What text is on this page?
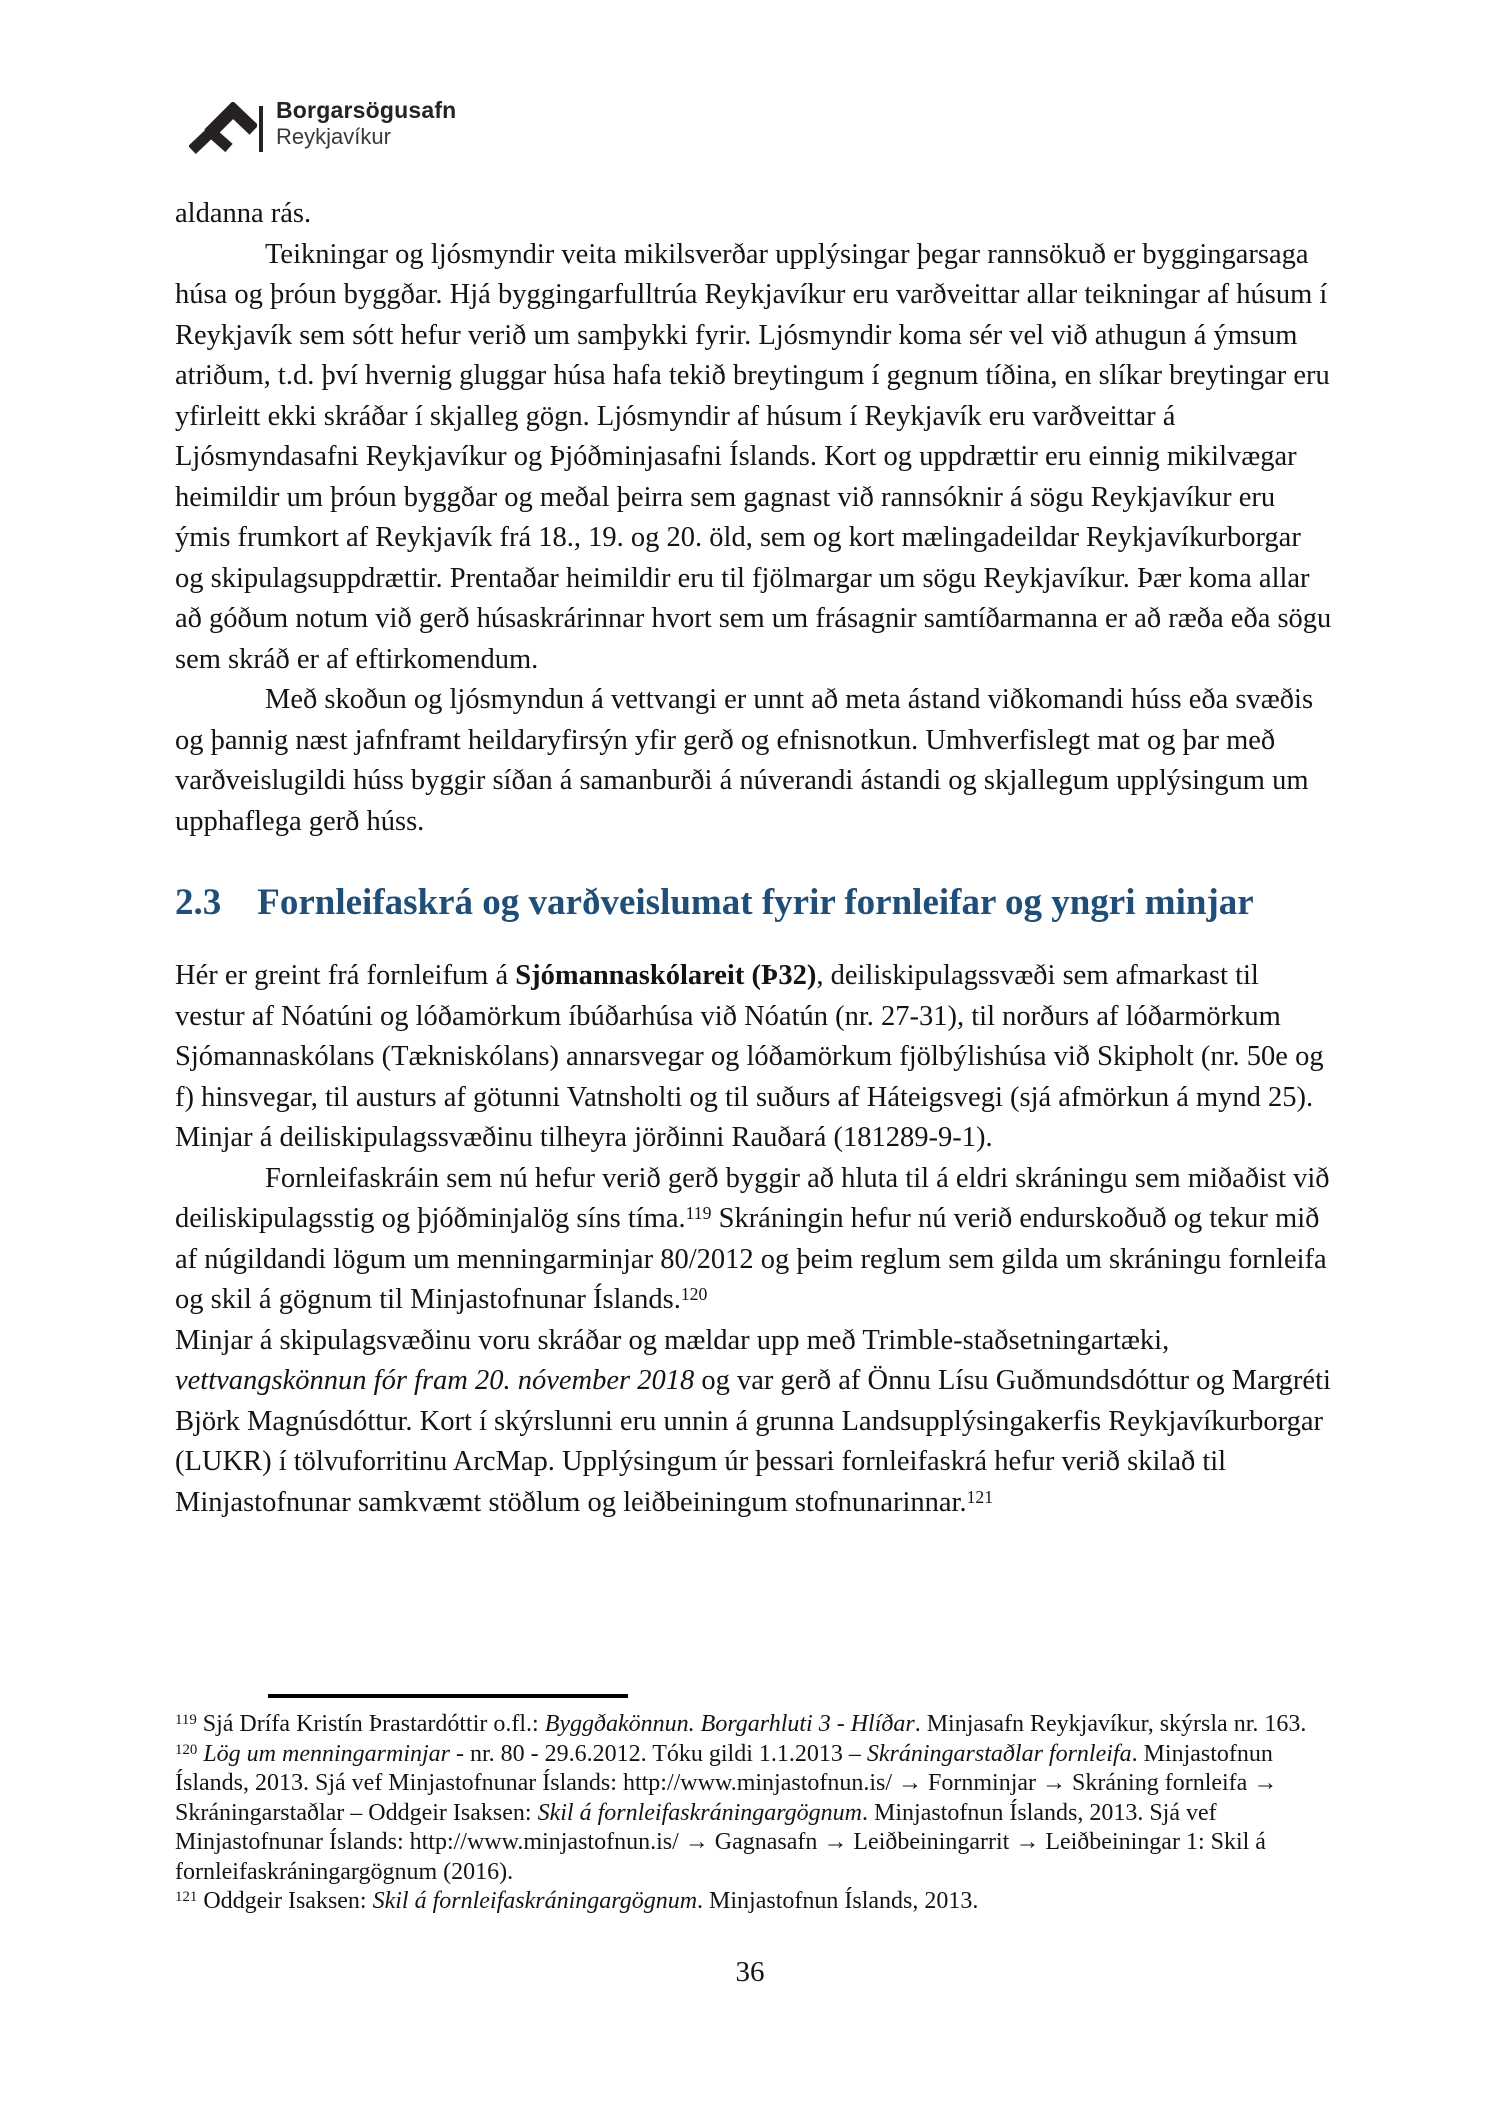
Borgarsögusafn
Reykjavíkur

aldanna rás.

Teikningar og ljósmyndir veita mikilsverðar upplýsingar þegar rannsökuð er byggingarsaga húsa og þróun byggðar. Hjá byggingarfulltrúa Reykjavíkur eru varðveittar allar teikningar af húsum í Reykjavík sem sótt hefur verið um samþykki fyrir. Ljósmyndir koma sér vel við athugun á ýmsum atriðum, t.d. því hvernig gluggar húsa hafa tekið breytingum í gegnum tíðina, en slíkar breytingar eru yfirleitt ekki skráðar í skjalleg gögn. Ljósmyndir af húsum í Reykjavík eru varðveittar á Ljósmyndasafni Reykjavíkur og Þjóðminjasafni Íslands. Kort og uppdrættir eru einnig mikilvægar heimildir um þróun byggðar og meðal þeirra sem gagnast við rannsóknir á sögu Reykjavíkur eru ýmis frumkort af Reykjavík frá 18., 19. og 20. öld, sem og kort mælingadeildar Reykjavíkurborgar og skipulagsuppdrættir. Prentaðar heimildir eru til fjölmargar um sögu Reykjavíkur. Þær koma allar að góðum notum við gerð húsaskrárinnar hvort sem um frásagnir samtíðarmanna er að ræða eða sögu sem skráð er af eftirkomendum.

Með skoðun og ljósmyndun á vettvangi er unnt að meta ástand viðkomandi húss eða svæðis og þannig næst jafnframt heildaryfirsýn yfir gerð og efnisnotkun. Umhverfislegt mat og þar með varðveislugildi húss byggir síðan á samanburði á núverandi ástandi og skjallegum upplýsingum um upphaflega gerð húss.

2.3 Fornleifaskrá og varðveislumat fyrir fornleifar og yngri minjar

Hér er greint frá fornleifum á Sjómannaskólareit (Þ32), deiliskipulagssvæði sem afmarkast til vestur af Nóatúni og lóðamörkum íbúðarhúsa við Nóatún (nr. 27-31), til norðurs af lóðarmörkum Sjómannaskólans (Tækniskólans) annarsvegar og lóðamörkum fjölbýlishúsa við Skipholt (nr. 50e og f) hinsvegar, til austurs af götunni Vatnsholti og til suðurs af Háteigsvegi (sjá afmörkun á mynd 25). Minjar á deiliskipulagssvæðinu tilheyra jörðinni Rauðará (181289-9-1).

Fornleifaskráin sem nú hefur verið gerð byggir að hluta til á eldri skráningu sem miðaðist við deiliskipulagsstig og þjóðminjalög síns tíma.$^{119}$ Skráningin hefur nú verið endurskoðuð og tekur mið af núgildandi lögum um menningarminjar 80/2012 og þeim reglum sem gilda um skráningu fornleifa og skil á gögnum til Minjastofnunar Íslands.$^{120}$

Minjar á skipulagsvæðinu voru skráðar og mældar upp með Trimble-staðsetningartæki, vettvangskönnun fór fram 20. nóvember 2018 og var gerð af Önnu Lísu Guðmundsdóttur og Margréti Björk Magnúsdóttur. Kort í skýrslunni eru unnin á grunna Landsupplýsingakerfis Reykjavíkurborgar (LUKR) í tölvuforritinu ArcMap. Upplýsingum úr þessari fornleifaskrá hefur verið skilað til Minjastofnunar samkvæmt stöðlum og leiðbeiningum stofnunarinnar.$^{121}$

$^{119}$ Sjá Drífa Kristín Þrastardóttir o.fl.: Byggðakönnun. Borgarhluti 3 - Hlíðar. Minjasafn Reykjavíkur, skýrsla nr. 163.

$^{120}$ Lög um menningarminjar - nr. 80 - 29.6.2012. Tóku gildi 1.1.2013 – Skráningarstaðlar fornleifa. Minjastofnun Íslands, 2013. Sjá vef Minjastofnunar Íslands: http://www.minjastofnun.is/ → Fornminjar → Skráning fornleifa → Skráningarstaðlar – Oddgeir Isaksen: Skil á fornleifaskráningargögnum. Minjastofnun Íslands, 2013. Sjá vef Minjastofnunar Íslands: http://www.minjastofnun.is/ → Gagnasafn → Leiðbeiningarrit → Leiðbeiningar 1: Skil á fornleifaskráningargögnum (2016).

$^{121}$ Oddgeir Isaksen: Skil á fornleifaskráningargögnum. Minjastofnun Íslands, 2013.

36
